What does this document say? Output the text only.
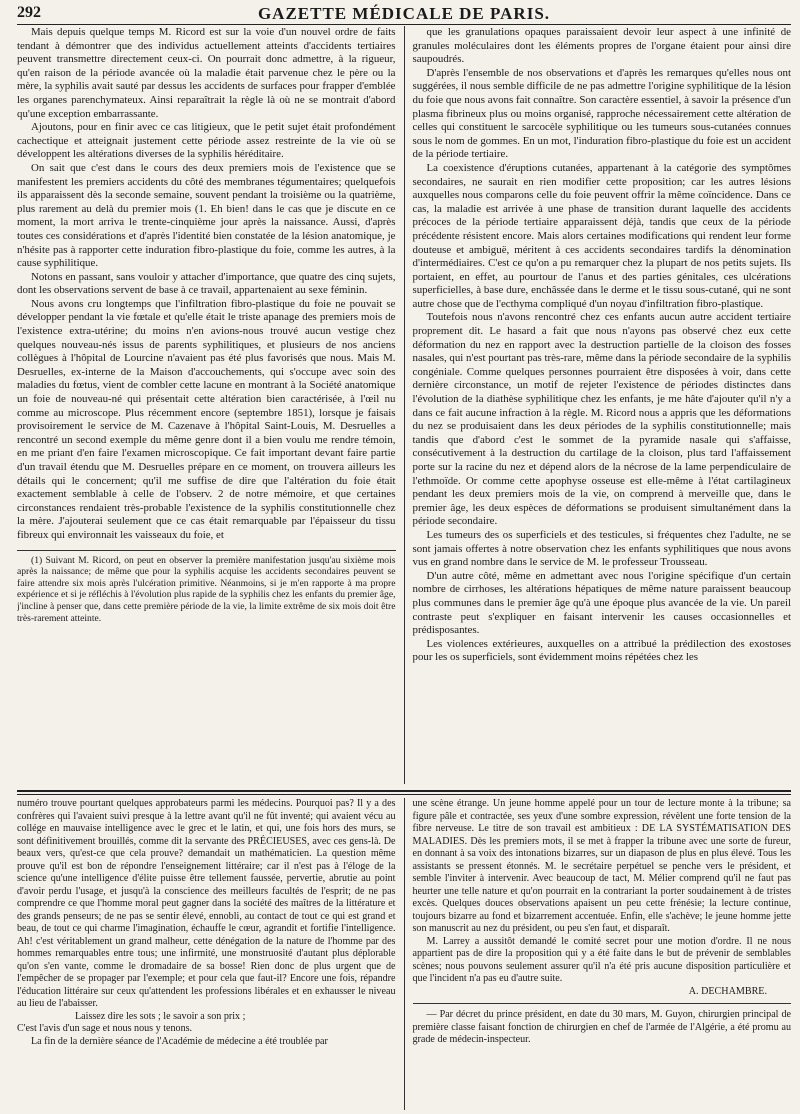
292	GAZETTE MÉDICALE DE PARIS.

Mais depuis quelque temps M. Ricord est sur la voie d'un nouvel ordre de faits tendant à démontrer que des individus actuellement atteints d'accidents tertiaires peuvent transmettre directement ceux-ci. On pourrait donc admettre, à la rigueur, qu'en raison de la période avancée où la maladie était parvenue chez le père ou la mère, la syphilis avait sauté par dessus les accidents de surfaces pour frapper d'emblée les organes parenchymateux. Ainsi reparaîtrait la règle là où ne se montrait d'abord qu'une exception embarrassante.

Ajoutons, pour en finir avec ce cas litigieux, que le petit sujet était profondément cachectique et atteignait justement cette période assez restreinte de la vie où se développent les altérations diverses de la syphilis héréditaire.

On sait que c'est dans le cours des deux premiers mois de l'existence que se manifestent les premiers accidents du côté des membranes tégumentaires; quelquefois ils apparaissent dès la seconde semaine, souvent pendant la troisième ou la quatrième, plus rarement au delà du premier mois (1. Eh bien! dans le cas que je discute en ce moment, la mort arriva le trente-cinquième jour après la naissance. Aussi, d'après toutes ces considérations et d'après l'identité bien constatée de la lésion anatomique, je n'hésite pas à rapporter cette induration fibro-plastique du foie, comme les autres, à la cause syphilitique.

Notons en passant, sans vouloir y attacher d'importance, que quatre des cinq sujets, dont les observations servent de base à ce travail, appartenaient au sexe féminin.

Nous avons cru longtemps que l'infiltration fibro-plastique du foie ne pouvait se développer pendant la vie fœtale et qu'elle était le triste apanage des premiers mois de l'existence extra-utérine; du moins n'en avions-nous trouvé aucun vestige chez quelques nouveau-nés issus de parents syphilitiques, et plusieurs de nos anciens collègues à l'hôpital de Lourcine n'avaient pas été plus favorisés que nous. Mais M. Desruelles, ex-interne de la Maison d'accouchements, qui s'occupe avec soin des maladies du fœtus, vient de combler cette lacune en montrant à la Société anatomique un foie de nouveau-né qui présentait cette altération bien caractérisée, à l'œil nu comme au microscope. Plus récemment encore (septembre 1851), lorsque je faisais provisoirement le service de M. Cazenave à l'hôpital Saint-Louis, M. Desruelles a rencontré un second exemple du même genre dont il a bien voulu me rendre témoin, en me priant d'en faire l'examen microscopique. Ce fait important devant faire partie d'un travail étendu que M. Desruelles prépare en ce moment, on trouvera ailleurs les détails qui le concernent; qu'il me suffise de dire que l'altération du foie était exactement semblable à celle de l'observ. 2 de notre mémoire, et que certaines circonstances rendaient très-probable l'existence de la syphilis constitutionnelle chez la mère. J'ajouterai seulement que ce cas était remarquable par l'épaisseur du tissu fibreux qui environnait les vaisseaux du foie, et

(1) Suivant M. Ricord, on peut en observer la première manifestation jusqu'au sixième mois après la naissance; de même que pour la syphilis acquise les accidents secondaires peuvent se faire attendre six mois après l'ulcération primitive. Néanmoins, si je m'en rapporte à ma propre expérience et si je réfléchis à l'évolution plus rapide de la syphilis chez les enfants du premier âge, j'incline à penser que, dans cette première période de la vie, la limite extrême de six mois doit être très-rarement atteinte.

que les granulations opaques paraissaient devoir leur aspect à une infinité de granules moléculaires dont les éléments propres de l'organe étaient pour ainsi dire saupoudrés.

D'après l'ensemble de nos observations et d'après les remarques qu'elles nous ont suggérées, il nous semble difficile de ne pas admettre l'origine syphilitique de la lésion du foie que nous avons fait connaître. Son caractère essentiel, à savoir la présence d'un plasma fibrineux plus ou moins organisé, rapproche nécessairement cette altération de celles qui constituent le sarcocèle syphilitique ou les tumeurs sous-cutanées connues sous le nom de gommes. En un mot, l'induration fibro-plastique du foie est un accident de la période tertiaire.

La coexistence d'éruptions cutanées, appartenant à la catégorie des symptômes secondaires, ne saurait en rien modifier cette proposition; car les autres lésions auxquelles nous comparons celle du foie peuvent offrir la même coïncidence. Dans ce cas, la maladie est arrivée à une phase de transition durant laquelle des accidents précoces de la période tertiaire apparaissent déjà, tandis que ceux de la période précédente résistent encore. Mais alors certaines modifications qui rendent leur forme douteuse et ambiguë, méritent à ces accidents secondaires tardifs la dénomination d'intermédiaires. C'est ce qu'on a pu remarquer chez la plupart de nos petits sujets. Ils portaient, en effet, au pourtour de l'anus et des parties génitales, ces ulcérations superficielles, à base dure, enchâssée dans le derme et le tissu sous-cutané, qui ne sont autre chose que de l'ecthyma compliqué d'un noyau d'infiltration fibro-plastique.

Toutefois nous n'avons rencontré chez ces enfants aucun autre accident tertiaire proprement dit. Le hasard a fait que nous n'ayons pas observé chez eux cette déformation du nez en rapport avec la destruction partielle de la cloison des fosses nasales, qui n'est pourtant pas très-rare, même dans la période secondaire de la syphilis congéniale. Comme quelques personnes pourraient être disposées à voir, dans cette dernière circonstance, un motif de rejeter l'existence de périodes distinctes dans l'évolution de la diathèse syphilitique chez les enfants, je me hâte d'ajouter qu'il n'y a dans ce fait aucune infraction à la règle. M. Ricord nous a appris que les déformations du nez se produisaient dans les deux périodes de la syphilis constitutionnelle; mais tandis que d'abord c'est le sommet de la pyramide nasale qui s'affaisse, consécutivement à la destruction du cartilage de la cloison, plus tard l'affaissement porte sur la racine du nez et dépend alors de la nécrose de la lame perpendiculaire de l'ethmoïde. Or comme cette apophyse osseuse est elle-même à l'état cartilagineux pendant les deux premiers mois de la vie, on comprend à merveille que, dans le premier âge, les deux espèces de déformations se produisent simultanément dans la période secondaire.

Les tumeurs des os superficiels et des testicules, si fréquentes chez l'adulte, ne se sont jamais offertes à notre observation chez les enfants syphilitiques que nous avons vus en grand nombre dans le service de M. le professeur Trousseau.

D'un autre côté, même en admettant avec nous l'origine spécifique d'un certain nombre de cirrhoses, les altérations hépatiques de même nature paraissent beaucoup plus communes dans le premier âge qu'à une époque plus avancée de la vie. Un pareil contraste peut s'expliquer en faisant intervenir les causes occasionnelles et prédisposantes.

Les violences extérieures, auxquelles on a attribué la prédilection des exostoses pour les os superficiels, sont évidemment moins répétées chez les

numéro trouve pourtant quelques approbateurs parmi les médecins. Pourquoi pas? Il y a des confrères qui l'avaient suivi presque à la lettre avant qu'il ne fût inventé; qui avaient vécu au collége en mauvaise intelligence avec le grec et le latin, et qui, une fois hors des murs, se sont définitivement brouillés, comme dit la servante des PRÉCIEUSES, avec ces gens-là. De beaux vers, qu'est-ce que cela prouve? demandait un mathématicien. La question même prouve qu'il est bon de répondre l'enseignement littéraire; car il n'est pas à l'éloge de la science qu'une intelligence d'élite puisse être tellement faussée, pervertie, abrutie au point d'avoir perdu l'usage, et jusqu'à la conscience des meilleurs facultés de l'esprit; de ne pas comprendre ce que l'homme moral peut gagner dans la société des maîtres de la littérature et des grands penseurs; de ne pas se sentir élevé, ennobli, au contact de tout ce qui est grand et beau, de tout ce qui charme l'imagination, échauffe le cœur, agrandit et fortifie l'intelligence. Ah! c'est véritablement un grand malheur, cette dénégation de la nature de l'homme par des hommes remarquables entre tous; une infirmité, une monstruosité d'autant plus déplorable qu'on s'en vante, comme le dromadaire de sa bosse! Rien donc de plus urgent que de l'empêcher de se propager par l'exemple; et pour cela que faut-il? Encore une fois, répandre l'éducation littéraire sur ceux qu'attendent les professions libérales et en exhausser le niveau au lieu de l'abaisser.

Laissez dire les sots ; le savoir a son prix ;

C'est l'avis d'un sage et nous nous y tenons.

La fin de la dernière séance de l'Académie de médecine a été troublée par

une scène étrange. Un jeune homme appelé pour un tour de lecture monte à la tribune; sa figure pâle et contractée, ses yeux d'une sombre expression, révèlent une forte tension de la fibre nerveuse. Le titre de son travail est ambitieux : DE LA SYSTÉMATISATION DES MALADIES. Dès les premiers mots, il se met à frapper la tribune avec une sorte de fureur, en donnant à sa voix des intonations bizarres, sur un diapason de plus en plus élevé. Tous les assistants se pressent étonnés. M. le secrétaire perpétuel se penche vers le président, et semble l'inviter à intervenir. Avec beaucoup de tact, M. Mélier comprend qu'il ne faut pas heurter une telle nature et qu'on pourrait en la contrariant la porter soudainement à de tristes excès. Quelques douces observations apaisent un peu cette frénésie; la lecture continue, toujours bizarre au fond et bizarrement accentuée. Enfin, elle s'achève; le jeune homme jette son manuscrit au nez du président, ou peu s'en faut, et disparaît.

M. Larrey a aussitôt demandé le comité secret pour une motion d'ordre. Il ne nous appartient pas de dire la proposition qui y a été faite dans le but de prévenir de semblables scènes; nous pouvons seulement assurer qu'il n'a été pris aucune disposition particulière et que l'incident n'a pas eu d'autre suite.

A. DECHAMBRE.

— Par décret du prince président, en date du 30 mars, M. Guyon, chirurgien principal de première classe faisant fonction de chirurgien en chef de l'armée de l'Algérie, a été promu au grade de médecin-inspecteur.
